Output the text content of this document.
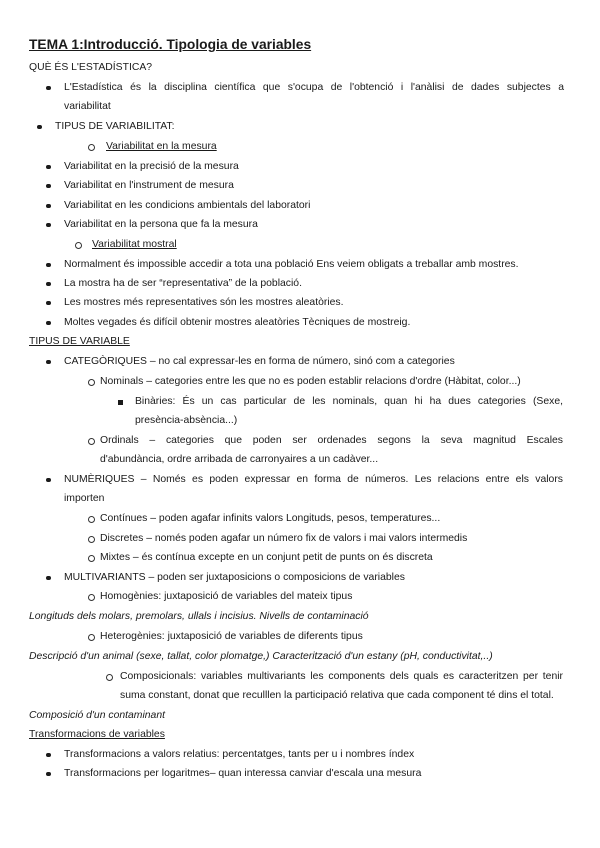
TEMA 1:Introducció. Tipologia de variables
QUÈ ÉS L'ESTADÍSTICA?
L'Estadística és la disciplina científica que s'ocupa de l'obtenció i l'anàlisi de dades subjectes a
variabilitat
TIPUS DE VARIABILITAT:
Variabilitat en la mesura
Variabilitat en la precisió de la mesura
Variabilitat en l'instrument de mesura
Variabilitat en les condicions ambientals del laboratori
Variabilitat en la persona que fa la mesura
Variabilitat mostral
Normalment és impossible accedir a tota una població Ens veiem obligats a treballar amb mostres.
La mostra ha de ser “representativa” de la població.
Les mostres més representatives són les mostres aleatòries.
Moltes vegades és difícil obtenir mostres aleatòries Tècniques de mostreig.
TIPUS DE VARIABLE
CATEGÒRIQUES – no cal expressar-les en forma de número, sinó com a categories
Nominals – categories entre les que no es poden establir relacions d'ordre (Hàbitat, color...)
Binàries: És un cas particular de les nominals, quan hi ha dues categories (Sexe,
presència-absència...)
Ordinals – categories que poden ser ordenades segons la seva magnitud Escales
d'abundància, ordre arribada de carronyaires a un cadàver...
NUMÈRIQUES – Només es poden expressar en forma de números. Les relacions entre els valors
importen
Contínues – poden agafar infinits valors Longituds, pesos, temperatures...
Discretes – només poden agafar un número fix de valors i mai valors intermedis
Mixtes – és contínua excepte en un conjunt petit de punts on és discreta
MULTIVARIANTS – poden ser juxtaposicions o composicions de variables
Homogènies: juxtaposició de variables del mateix tipus
Longituds dels molars, premolars, ullals i incisius. Nivells de contaminació
Heterogènies: juxtaposició de variables de diferents tipus
Descripció d'un animal (sexe, tallat, color plomatge,) Caracterització d'un estany (pH, conductivitat,..)
Composicionals: variables multivariants les components dels quals es caracteritzen per tenir
suma constant, donat que reculllen la participació relativa que cada component té dins el total.
Composició d'un contaminant
Transformacions de variables
Transformacions a valors relatius: percentatges, tants per u i nombres índex
Transformacions per logaritmes– quan interessa canviar d'escala una mesura
